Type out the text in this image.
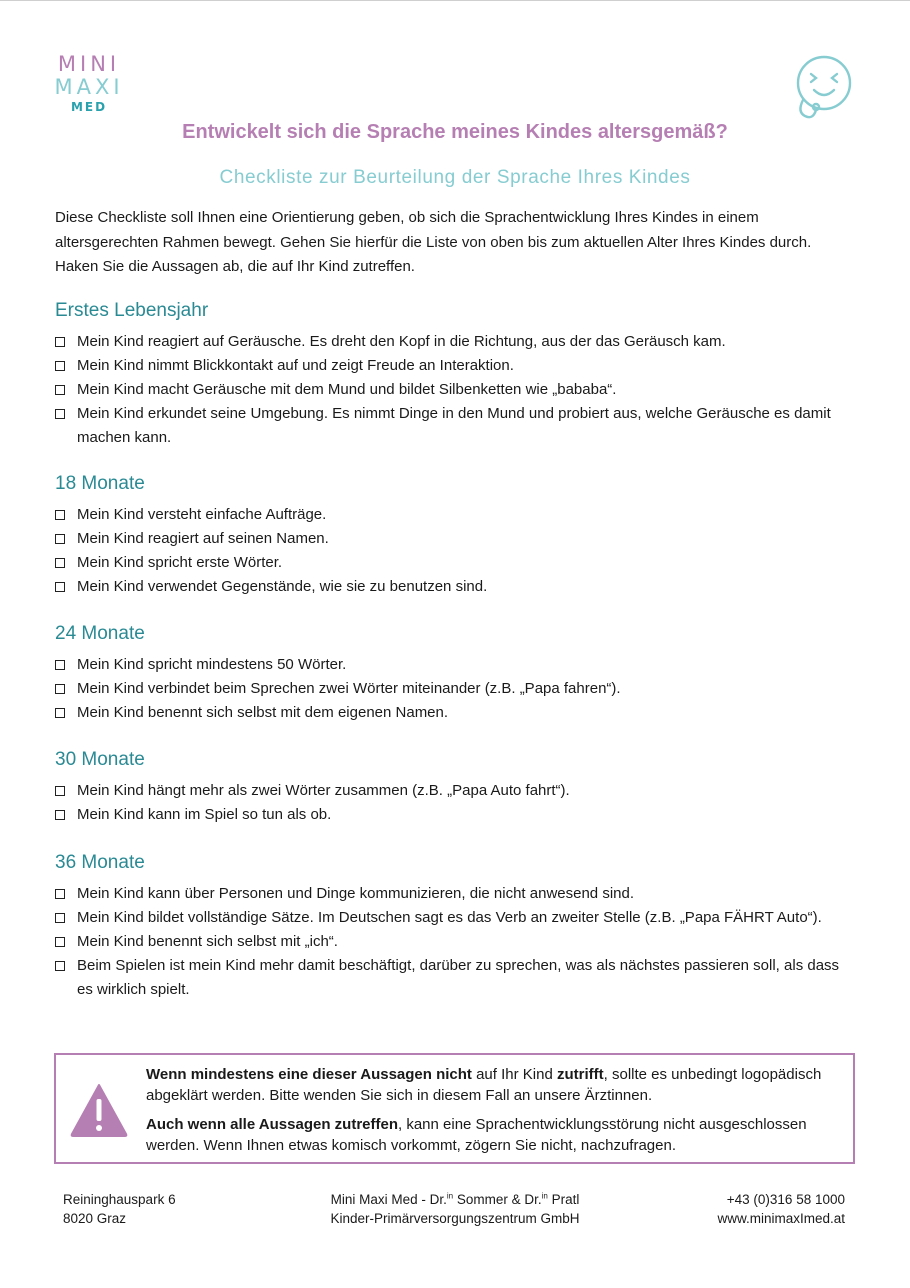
MINI
MAXI
MED
Entwickelt sich die Sprache meines Kindes altersgemäß?
Checkliste zur Beurteilung der Sprache Ihres Kindes
Diese Checkliste soll Ihnen eine Orientierung geben, ob sich die Sprachentwicklung Ihres Kindes in einem altersgerechten Rahmen bewegt. Gehen Sie hierfür die Liste von oben bis zum aktuellen Alter Ihres Kindes durch. Haken Sie die Aussagen ab, die auf Ihr Kind zutreffen.
Erstes Lebensjahr
Mein Kind reagiert auf Geräusche. Es dreht den Kopf in die Richtung, aus der das Geräusch kam.
Mein Kind nimmt Blickkontakt auf und zeigt Freude an Interaktion.
Mein Kind macht Geräusche mit dem Mund und bildet Silbenketten wie „bababa“.
Mein Kind erkundet seine Umgebung. Es nimmt Dinge in den Mund und probiert aus, welche Geräusche es damit machen kann.
18 Monate
Mein Kind versteht einfache Aufträge.
Mein Kind reagiert auf seinen Namen.
Mein Kind spricht erste Wörter.
Mein Kind verwendet Gegenstände, wie sie zu benutzen sind.
24 Monate
Mein Kind spricht mindestens 50 Wörter.
Mein Kind verbindet beim Sprechen zwei Wörter miteinander (z.B. „Papa fahren“).
Mein Kind benennt sich selbst mit dem eigenen Namen.
30 Monate
Mein Kind hängt mehr als zwei Wörter zusammen (z.B. „Papa Auto fahrt“).
Mein Kind kann im Spiel so tun als ob.
36 Monate
Mein Kind kann über Personen und Dinge kommunizieren, die nicht anwesend sind.
Mein Kind bildet vollständige Sätze. Im Deutschen sagt es das Verb an zweiter Stelle (z.B. „Papa FÄHRT Auto“).
Mein Kind benennt sich selbst mit „ich“.
Beim Spielen ist mein Kind mehr damit beschäftigt, darüber zu sprechen, was als nächstes passieren soll, als dass es wirklich spielt.

Wenn mindestens eine dieser Aussagen nicht auf Ihr Kind zutrifft, sollte es unbedingt logopädisch abgeklärt werden. Bitte wenden Sie sich in diesem Fall an unsere Ärztinnen.

Auch wenn alle Aussagen zutreffen, kann eine Sprachentwicklungsstörung nicht ausgeschlossen werden. Wenn Ihnen etwas komisch vorkommt, zögern Sie nicht, nachzufragen.

Reininghauspark 6
8020 Graz
Mini Maxi Med - Dr.$^{in}$ Sommer & Dr.$^{in}$ Pratl
Kinder-Primärversorgungszentrum GmbH
+43 (0)316 58 1000
www.minimaxImed.at
